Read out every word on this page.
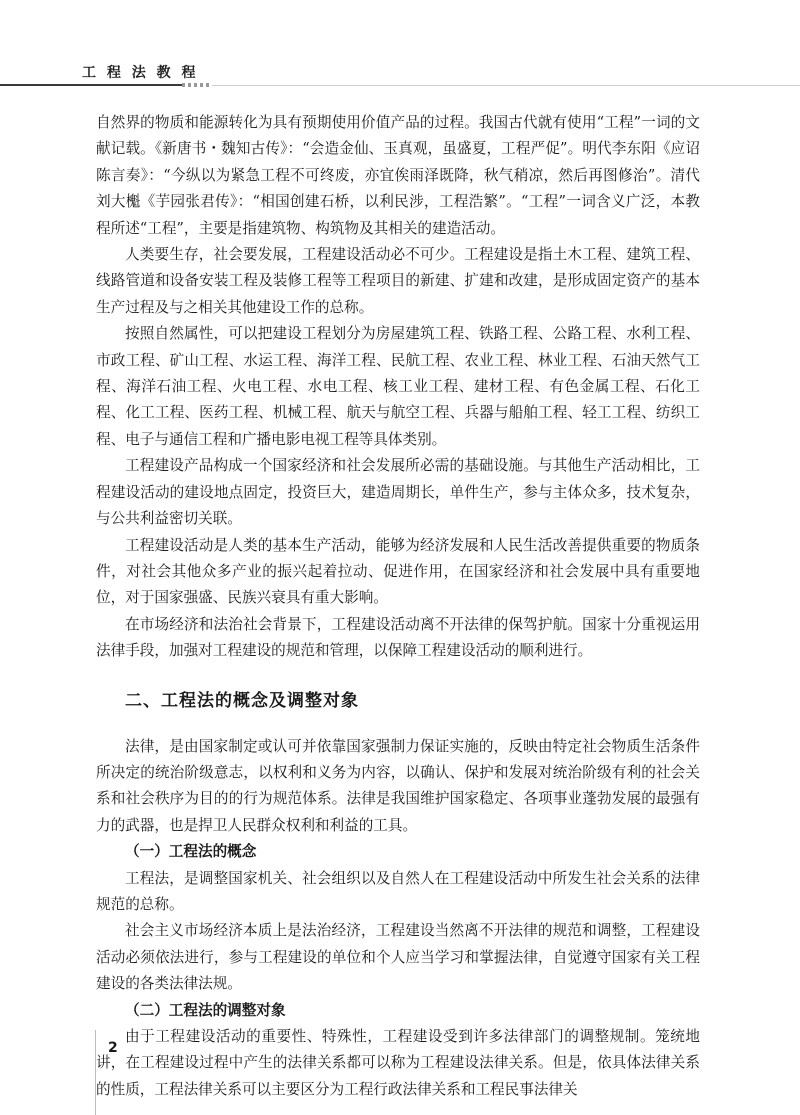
工 程 法 教 程

自然界的物质和能源转化为具有预期使用价值产品的过程。我国古代就有使用“工程”一词的文献记载。《新唐书・魏知古传》：“会造金仙、玉真观，虽盛夏，工程严促”。明代李东阳《应诏陈言奏》：“今纵以为紧急工程不可终废，亦宜俟雨泽既降，秋气稍凉，然后再图修治”。清代刘大櫆《芋园张君传》：“相国创建石桥，以利民涉，工程浩繁”。“工程”一词含义广泛，本教程所述“工程”，主要是指建筑物、构筑物及其相关的建造活动。

人类要生存，社会要发展，工程建设活动必不可少。工程建设是指土木工程、建筑工程、线路管道和设备安装工程及装修工程等工程项目的新建、扩建和改建，是形成固定资产的基本生产过程及与之相关其他建设工作的总称。

按照自然属性，可以把建设工程划分为房屋建筑工程、铁路工程、公路工程、水利工程、市政工程、矿山工程、水运工程、海洋工程、民航工程、农业工程、林业工程、石油天然气工程、海洋石油工程、火电工程、水电工程、核工业工程、建材工程、有色金属工程、石化工程、化工工程、医药工程、机械工程、航天与航空工程、兵器与船舶工程、轻工工程、纺织工程、电子与通信工程和广播电影电视工程等具体类别。

工程建设产品构成一个国家经济和社会发展所必需的基础设施。与其他生产活动相比，工程建设活动的建设地点固定，投资巨大，建造周期长，单件生产，参与主体众多，技术复杂，与公共利益密切关联。

工程建设活动是人类的基本生产活动，能够为经济发展和人民生活改善提供重要的物质条件，对社会其他众多产业的振兴起着拉动、促进作用，在国家经济和社会发展中具有重要地位，对于国家强盛、民族兴衰具有重大影响。

在市场经济和法治社会背景下，工程建设活动离不开法律的保驾护航。国家十分重视运用法律手段，加强对工程建设的规范和管理，以保障工程建设活动的顺利进行。

二、工程法的概念及调整对象

法律，是由国家制定或认可并依靠国家强制力保证实施的，反映由特定社会物质生活条件所决定的统治阶级意志，以权利和义务为内容，以确认、保护和发展对统治阶级有利的社会关系和社会秩序为目的的行为规范体系。法律是我国维护国家稳定、各项事业蓬勃发展的最强有力的武器，也是捍卫人民群众权利和利益的工具。

（一）工程法的概念

工程法，是调整国家机关、社会组织以及自然人在工程建设活动中所发生社会关系的法律规范的总称。

社会主义市场经济本质上是法治经济，工程建设当然离不开法律的规范和调整，工程建设活动必须依法进行，参与工程建设的单位和个人应当学习和掌握法律，自觉遵守国家有关工程建设的各类法律法规。

（二）工程法的调整对象

由于工程建设活动的重要性、特殊性，工程建设受到许多法律部门的调整规制。笼统地讲，在工程建设过程中产生的法律关系都可以称为工程建设法律关系。但是，依具体法律关系的性质，工程法律关系可以主要区分为工程行政法律关系和工程民事法律关

2
